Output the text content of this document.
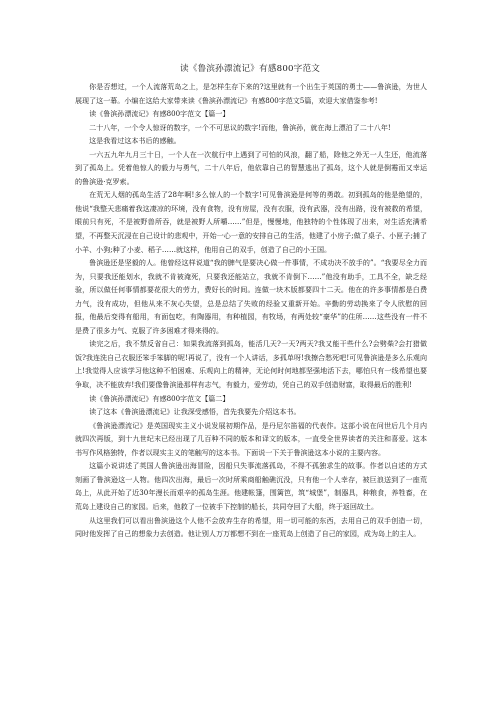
读《鲁滨孙漂流记》有感800字范文

你是否想过，一个人流落荒岛之上，是怎样生存下来的?这里就有一个出生于英国的勇士——鲁滨逊，为世人展现了这一幕。小编在这给大家带来读《鲁滨孙漂流记》有感800字范文5篇，欢迎大家借鉴参考!

读《鲁滨孙漂流记》有感800字范文【篇一】

二十八年，一个令人惊讶的数字，一个不可思议的数字!而他，鲁滨孙，就在海上漂泊了二十八年!

这是我看过这本书后的感触。

一六五九年九月三十日，一个人在一次航行中上遇到了可怕的风浪，翻了船，除他之外无一人生还，他流落到了孤岛上。凭着他惊人的毅力与勇气，二十八年后，他依靠自己的智慧逃出了孤岛，这个人就是倒霉而又幸运的鲁滨逊·克罗索。

在荒无人烟的孤岛生活了28年啊!多么惊人的一个数字!可见鲁滨逊是何等的勇敢。初到孤岛的他是绝望的，他说“我整天悲痛着我这凄凉的环境，没有食物，没有房屋，没有衣服，没有武器，没有出路，没有被救的希望，眼前只有死，不是被野兽所吞，就是被野人所嚼……”但是，慢慢地，他独特的个性体现了出来，对生活充满希望，不再整天沉浸在自己设计的悲观中，开始一心一意的安排自己的生活，他建了小房子;做了桌子、小匣子;捕了小羊、小狗;种了小麦、稻子……就这样，他用自己的双手，创造了自己的小王国。

鲁滨逊还是坚毅的人。他曾经这样说道“我的脾气是要决心做一件事情，不成功决不放手的”。“我要尽全力而为，只要我还能划水，我就不肯被淹死，只要我还能站立，我就不肯倒下……”他没有助手，工具不全，缺乏经验，所以做任何事情都要花很大的劳力，费好长的时间。连做一块木版都要四十二天。他在的许多事情都是白费力气，没有成功，但他从来不灰心失望，总是总结了失败的经验又重新开始。辛勤的劳动换来了令人欣慰的回报，他最后变得有船用，有面包吃，有陶器用，有种植园，有牧场，有两处较“豪华”的住所……这些没有一件不是费了很多力气、克服了许多困难才得来得的。

读完之后，我不禁反省自己：如果我流落到孤岛，能活几天?一天?两天?我又能干些什么?会劈柴?会打猎做饭?我连洗自己衣服还笨手笨脚的呢!再说了，没有一个人讲话，多孤单呀!我擦合愁死吧!可见鲁滨逊是多么乐观向上!我觉得人应该学习他这种不怕困难、乐观向上的精神，无论何时何地都坚强地活下去，哪怕只有一线希望也要争取，决不能放弃!我们要像鲁滨逊那样有志气，有毅力，爱劳动，凭自己的双手创造财富，取得最后的胜利!

读《鲁滨孙漂流记》有感800字范文【篇二】

读了这本《鲁滨逊漂流记》让我深受感悟，首先我要先介绍这本书。

《鲁滨逊漂流记》是英国现实主义小说发展初期作品，是丹尼尔笛福的代表作。这部小说在问世后几个月内就四次再版，到十九世纪末已经出现了几百种不同的版本和译文的版本，一直受全世界读者的关注和喜爱。这本书写作风格独特，作者以现实主义的笔触写的这本书。下面说一下关于鲁滨逊这本小说的主要内容。

这篇小说讲述了英国人鲁滨逊出海冒险，因船只失事流落孤岛，不得不孤独求生的故事。作者以自述的方式刻画了鲁滨逊这一人物。他四次出海，最后一次时所乘商船触礁沉没，只有他一个人幸存，被巨浪送到了一座荒岛上，从此开始了近30年漫长而艰辛的孤岛生涯。他建帐篷，围篱笆，筑“城堡”，制器具，种粮食，养牲畜，在荒岛上建设自己的家园。后来，他救了一位被手下控制的船长，共同夺回了大船，终于返回故土。

从这里我们可以看出鲁滨逊这个人他不会放弃生存的希望，用一切可能的东西，去用自己的双手创造一切，同时他发挥了自己的想象力去创造。他让别人万万都想不到在一座荒岛上创造了自己的家园，成为岛上的主人。
